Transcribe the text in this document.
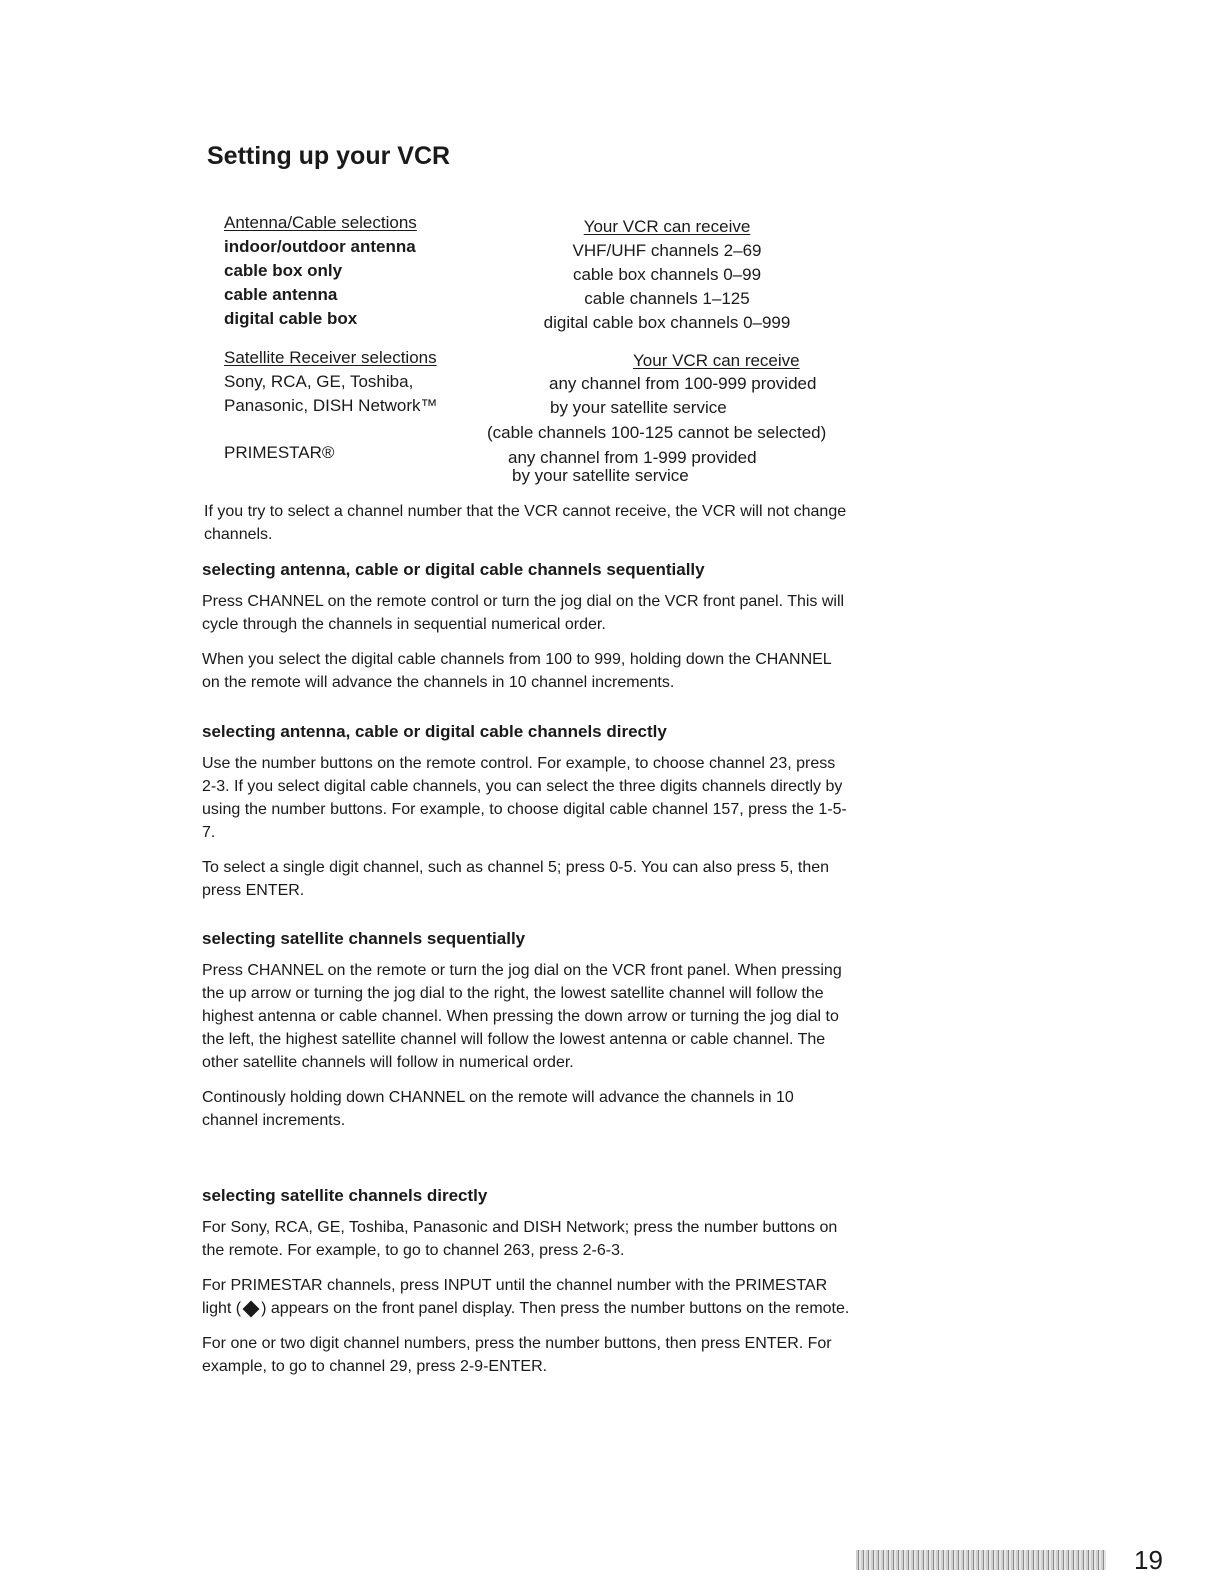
Setting up your VCR
Antenna/Cable selections
indoor/outdoor antenna
cable box only
cable antenna
digital cable box
Your VCR can receive
VHF/UHF channels 2–69
cable box channels 0–99
cable channels 1–125
digital cable box channels 0–999
Satellite Receiver selections
Sony, RCA, GE, Toshiba,
Panasonic, DISH Network™
PRIMESTAR®
Your VCR can receive
any channel from 100-999 provided
by your satellite service
(cable channels 100-125 cannot be selected)
any channel from 1-999 provided
by your satellite service
If you try to select a channel number that the VCR cannot receive, the VCR will not change channels.
selecting antenna, cable or digital cable channels sequentially

Press CHANNEL on the remote control or turn the jog dial on the VCR front panel. This will cycle through the channels in sequential numerical order.

When you select the digital cable channels from 100 to 999, holding down the CHANNEL on the remote will advance the channels in 10 channel increments.

selecting antenna, cable or digital cable channels directly

Use the number buttons on the remote control. For example, to choose channel 23, press 2-3. If you select digital cable channels, you can select the three digits channels directly by using the number buttons. For example, to choose digital cable channel 157, press the 1-5-7.

To select a single digit channel, such as channel 5; press 0-5. You can also press 5, then press ENTER.

selecting satellite channels sequentially

Press CHANNEL on the remote or turn the jog dial on the VCR front panel. When pressing the up arrow or turning the jog dial to the right, the lowest satellite channel will follow the highest antenna or cable channel. When pressing the down arrow or turning the jog dial to the left, the highest satellite channel will follow the lowest antenna or cable channel. The other satellite channels will follow in numerical order.

Continously holding down CHANNEL on the remote will advance the channels in 10 channel increments.

selecting satellite channels directly

For Sony, RCA, GE, Toshiba, Panasonic and DISH Network; press the number buttons on the remote. For example, to go to channel 263, press 2-6-3.

For PRIMESTAR channels, press INPUT until the channel number with the PRIMESTAR light ( ) appears on the front panel display. Then press the number buttons on the remote.

For one or two digit channel numbers, press the number buttons, then press ENTER. For example, to go to channel 29, press 2-9-ENTER.

19
